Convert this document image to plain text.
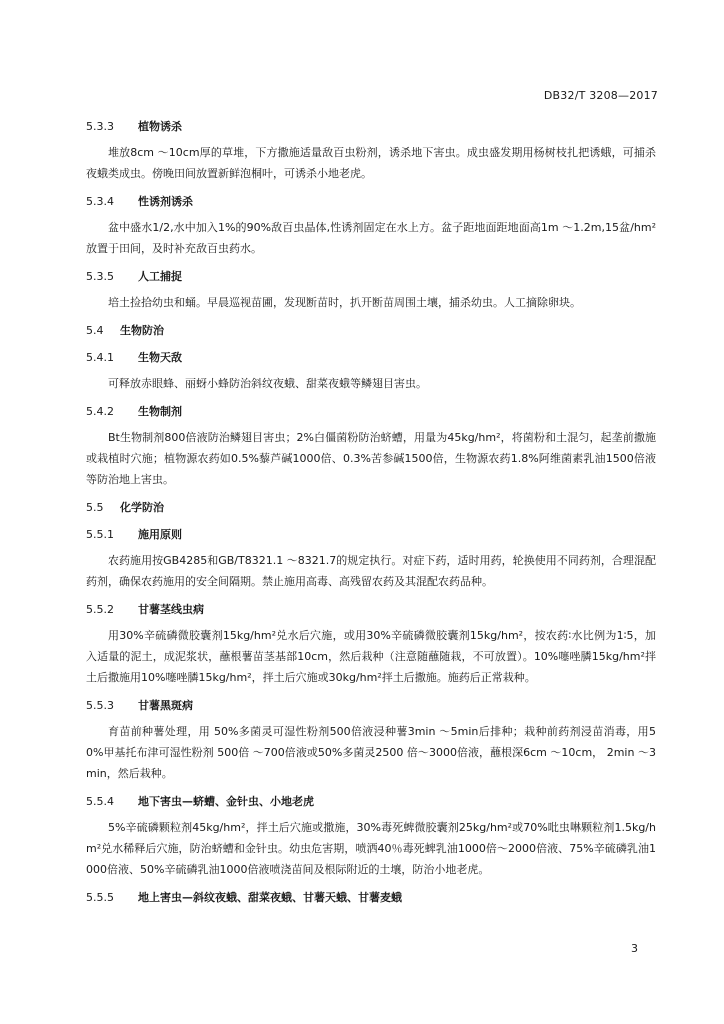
DB32/T 3208—2017
5.3.3 植物诱杀

堆放8cm ～10cm厚的草堆，下方撒施适量敌百虫粉剂，诱杀地下害虫。成虫盛发期用杨树枝扎把诱蛾，可捕杀夜蛾类成虫。傍晚田间放置新鲜泡桐叶，可诱杀小地老虎。

5.3.4 性诱剂诱杀

盆中盛水1/2,水中加入1%的90%敌百虫晶体,性诱剂固定在水上方。盆子距地面距地面高1m ～1.2m,15盆/hm²放置于田间，及时补充敌百虫药水。

5.3.5 人工捕捉

培土捡拾幼虫和蛹。早晨巡视苗圃，发现断苗时，扒开断苗周围土壤，捕杀幼虫。人工摘除卵块。

5.4 生物防治
5.4.1 生物天敌

可释放赤眼蜂、丽蚜小蜂防治斜纹夜蛾、甜菜夜蛾等鳞翅目害虫。

5.4.2 生物制剂

Bt生物制剂800倍液防治鳞翅目害虫；2%白僵菌粉防治蛴螬，用量为45kg/hm²，将菌粉和土混匀，起垄前撒施或栽植时穴施；植物源农药如0.5%藜芦碱1000倍、0.3%苦参碱1500倍，生物源农药1.8%阿维菌素乳油1500倍液等防治地上害虫。

5.5 化学防治
5.5.1 施用原则

农药施用按GB4285和GB/T8321.1 ～8321.7的规定执行。对症下药，适时用药，轮换使用不同药剂，合理混配药剂，确保农药施用的安全间隔期。禁止施用高毒、高残留农药及其混配农药品种。

5.5.2 甘薯茎线虫病

用30%辛硫磷微胶囊剂15kg/hm²兑水后穴施，或用30%辛硫磷微胶囊剂15kg/hm²，按农药∶水比例为1∶5，加入适量的泥土，成泥浆状，蘸根薯苗茎基部10cm，然后栽种（注意随蘸随栽，不可放置）。10%噻唑膦15kg/hm²拌土后撒施用10%噻唑膦15kg/hm²，拌土后穴施或30kg/hm²拌土后撒施。施药后正常栽种。

5.5.3 甘薯黑斑病

育苗前种薯处理，用 50%多菌灵可湿性粉剂500倍液浸种薯3min ～5min后排种；栽种前药剂浸苗消毒，用50%甲基托布津可湿性粉剂 500倍 ～700倍液或50%多菌灵2500 倍～3000倍液，蘸根深6cm ～10cm， 2min ～3min，然后栽种。

5.5.4 地下害虫—蛴螬、金针虫、小地老虎

5%辛硫磷颗粒剂45kg/hm²，拌土后穴施或撒施，30%毒死蜱微胶囊剂25kg/hm²或70%吡虫啉颗粒剂1.5kg/hm²兑水稀释后穴施，防治蛴螬和金针虫。幼虫危害期，喷洒40％毒死蜱乳油1000倍～2000倍液、75%辛硫磷乳油1000倍液、50%辛硫磷乳油1000倍液喷浇苗间及根际附近的土壤，防治小地老虎。

5.5.5 地上害虫—斜纹夜蛾、甜菜夜蛾、甘薯天蛾、甘薯麦蛾
3
